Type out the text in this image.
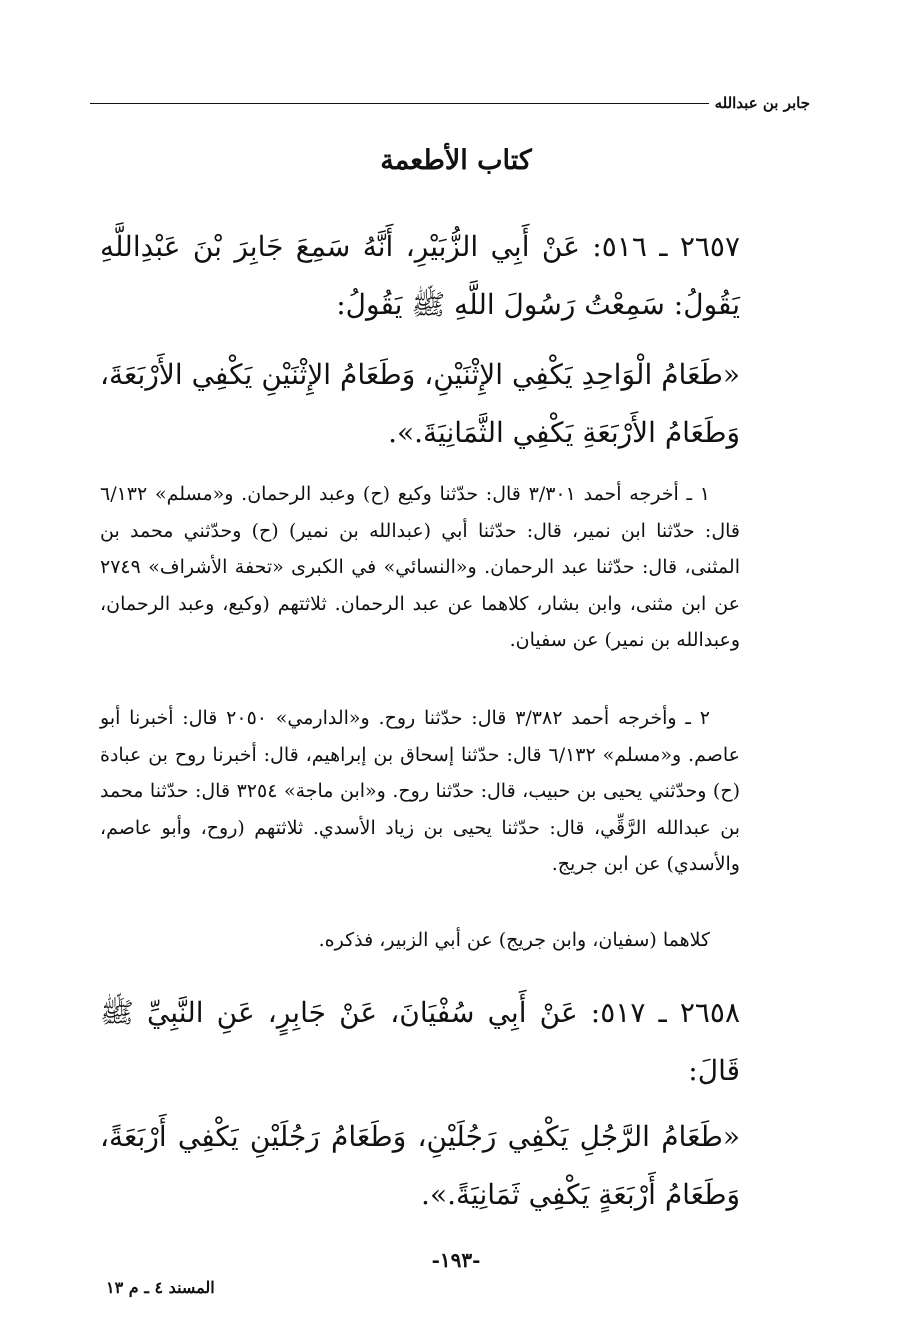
جابر بن عبدالله
كتاب الأطعمة
٢٦٥٧ ـ ٥١٦: عَنْ أَبِي الزُّبَيْرِ، أَنَّهُ سَمِعَ جَابِرَ بْنَ عَبْدِاللَّهِ يَقُولُ: سَمِعْتُ رَسُولَ اللَّهِ ﷺ يَقُولُ:
«طَعَامُ الْوَاحِدِ يَكْفِي الإِثْنَيْنِ، وَطَعَامُ الإِثْنَيْنِ يَكْفِي الأَرْبَعَةَ، وَطَعَامُ الأَرْبَعَةِ يَكْفِي الثَّمَانِيَةَ.».
١ ـ أخرجه أحمد ٣/٣٠١ قال: حدّثنا وكيع (ح) وعبد الرحمان. و«مسلم» ٦/١٣٢ قال: حدّثنا ابن نمير، قال: حدّثنا أبي (عبدالله بن نمير) (ح) وحدّثني محمد بن المثنى، قال: حدّثنا عبد الرحمان. و«النسائي» في الكبرى «تحفة الأشراف» ٢٧٤٩ عن ابن مثنى، وابن بشار، كلاهما عن عبد الرحمان. ثلاثتهم (وكيع، وعبد الرحمان، وعبدالله بن نمير) عن سفيان.
٢ ـ وأخرجه أحمد ٣/٣٨٢ قال: حدّثنا روح. و«الدارمي» ٢٠٥٠ قال: أخبرنا أبو عاصم. و«مسلم» ٦/١٣٢ قال: حدّثنا إسحاق بن إبراهيم، قال: أخبرنا روح بن عبادة (ح) وحدّثني يحيى بن حبيب، قال: حدّثنا روح. و«ابن ماجة» ٣٢٥٤ قال: حدّثنا محمد بن عبدالله الرَّقِّي، قال: حدّثنا يحيى بن زياد الأسدي. ثلاثتهم (روح، وأبو عاصم، والأسدي) عن ابن جريج.
كلاهما (سفيان، وابن جريج) عن أبي الزبير، فذكره.
٢٦٥٨ ـ ٥١٧: عَنْ أَبِي سُفْيَانَ، عَنْ جَابِرٍ، عَنِ النَّبِيِّ ﷺ قَالَ:
«طَعَامُ الرَّجُلِ يَكْفِي رَجُلَيْنِ، وَطَعَامُ رَجُلَيْنِ يَكْفِي أَرْبَعَةً، وَطَعَامُ أَرْبَعَةٍ يَكْفِي ثَمَانِيَةً.».
-١٩٣-
المسند ٤ ـ م ١٣
